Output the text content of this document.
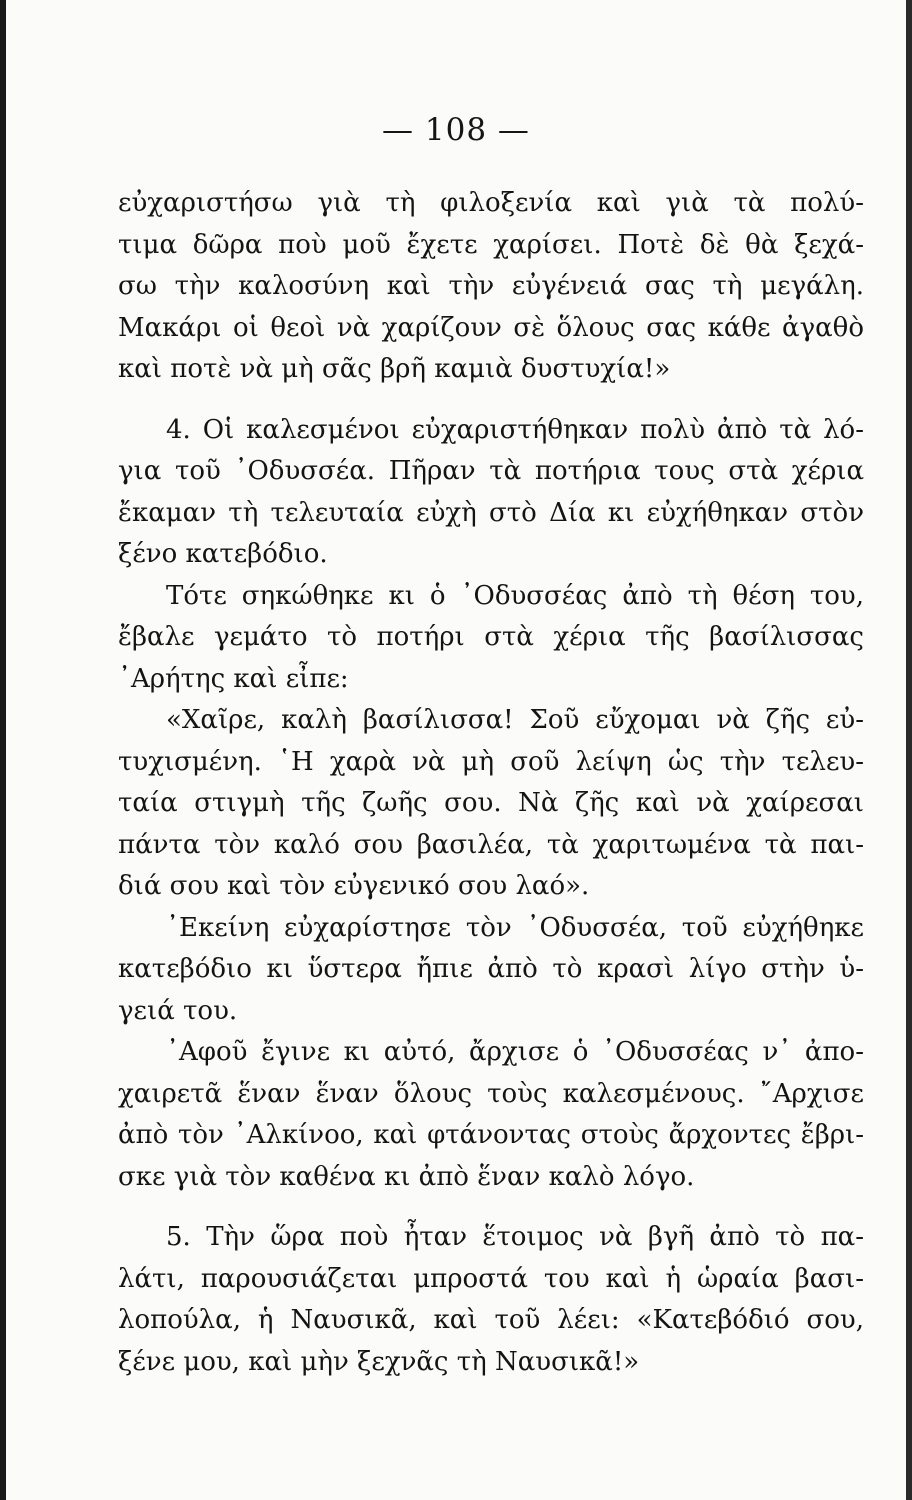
— 108 —
εὐχαριστήσω γιὰ τὴ φιλοξενία καὶ γιὰ τὰ πολύ-
τιμα δῶρα ποὺ μοῦ ἔχετε χαρίσει. Ποτὲ δὲ θὰ ξεχά-
σω τὴν καλοσύνη καὶ τὴν εὐγένειά σας τὴ μεγάλη.
Μακάρι οἱ θεοὶ νὰ χαρίζουν σὲ ὅλους σας κάθε ἀγαθὸ
καὶ ποτὲ νὰ μὴ σᾶς βρῆ καμιὰ δυστυχία!»
4. Οἱ καλεσμένοι εὐχαριστήθηκαν πολὺ ἀπὸ τὰ λό-
για τοῦ ᾿Οδυσσέα. Πῆραν τὰ ποτήρια τους στὰ χέρια
ἔκαμαν τὴ τελευταία εὐχὴ στὸ Δία κι εὐχήθηκαν στὸν
ξένο κατεβόδιο.
Τότε σηκώθηκε κι ὁ ᾿Οδυσσέας ἀπὸ τὴ θέση του,
ἔβαλε γεμάτο τὸ ποτήρι στὰ χέρια τῆς βασίλισσας
᾿Αρήτης καὶ εἶπε:
«Χαῖρε, καλὴ βασίλισσα! Σοῦ εὔχομαι νὰ ζῆς εὐ-
τυχισμένη. ῾Η χαρὰ νὰ μὴ σοῦ λείψη ὡς τὴν τελευ-
ταία στιγμὴ τῆς ζωῆς σου. Νὰ ζῆς καὶ νὰ χαίρεσαι
πάντα τὸν καλό σου βασιλέα, τὰ χαριτωμένα τὰ παι-
διά σου καὶ τὸν εὐγενικό σου λαό».
᾿Εκείνη εὐχαρίστησε τὸν ᾿Οδυσσέα, τοῦ εὐχήθηκε
κατεβόδιο κι ὕστερα ἤπιε ἀπὸ τὸ κρασὶ λίγο στὴν ὑ-
γειά του.
᾿Αφοῦ ἔγινε κι αὐτό, ἄρχισε ὁ ᾿Οδυσσέας ν᾿ ἀπο-
χαιρετᾶ ἕναν ἕναν ὅλους τοὺς καλεσμένους. ῎Αρχισε
ἀπὸ τὸν ᾿Αλκίνοο, καὶ φτάνοντας στοὺς ἄρχοντες ἔβρι-
σκε γιὰ τὸν καθένα κι ἀπὸ ἕναν καλὸ λόγο.
5. Τὴν ὥρα ποὺ ἦταν ἕτοιμος νὰ βγῆ ἀπὸ τὸ πα-
λάτι, παρουσιάζεται μπροστά του καὶ ἡ ὡραία βασι-
λοπούλα, ἡ Ναυσικᾶ, καὶ τοῦ λέει: «Κατεβόδιό σου,
ξένε μου, καὶ μὴν ξεχνᾶς τὴ Ναυσικᾶ!»
